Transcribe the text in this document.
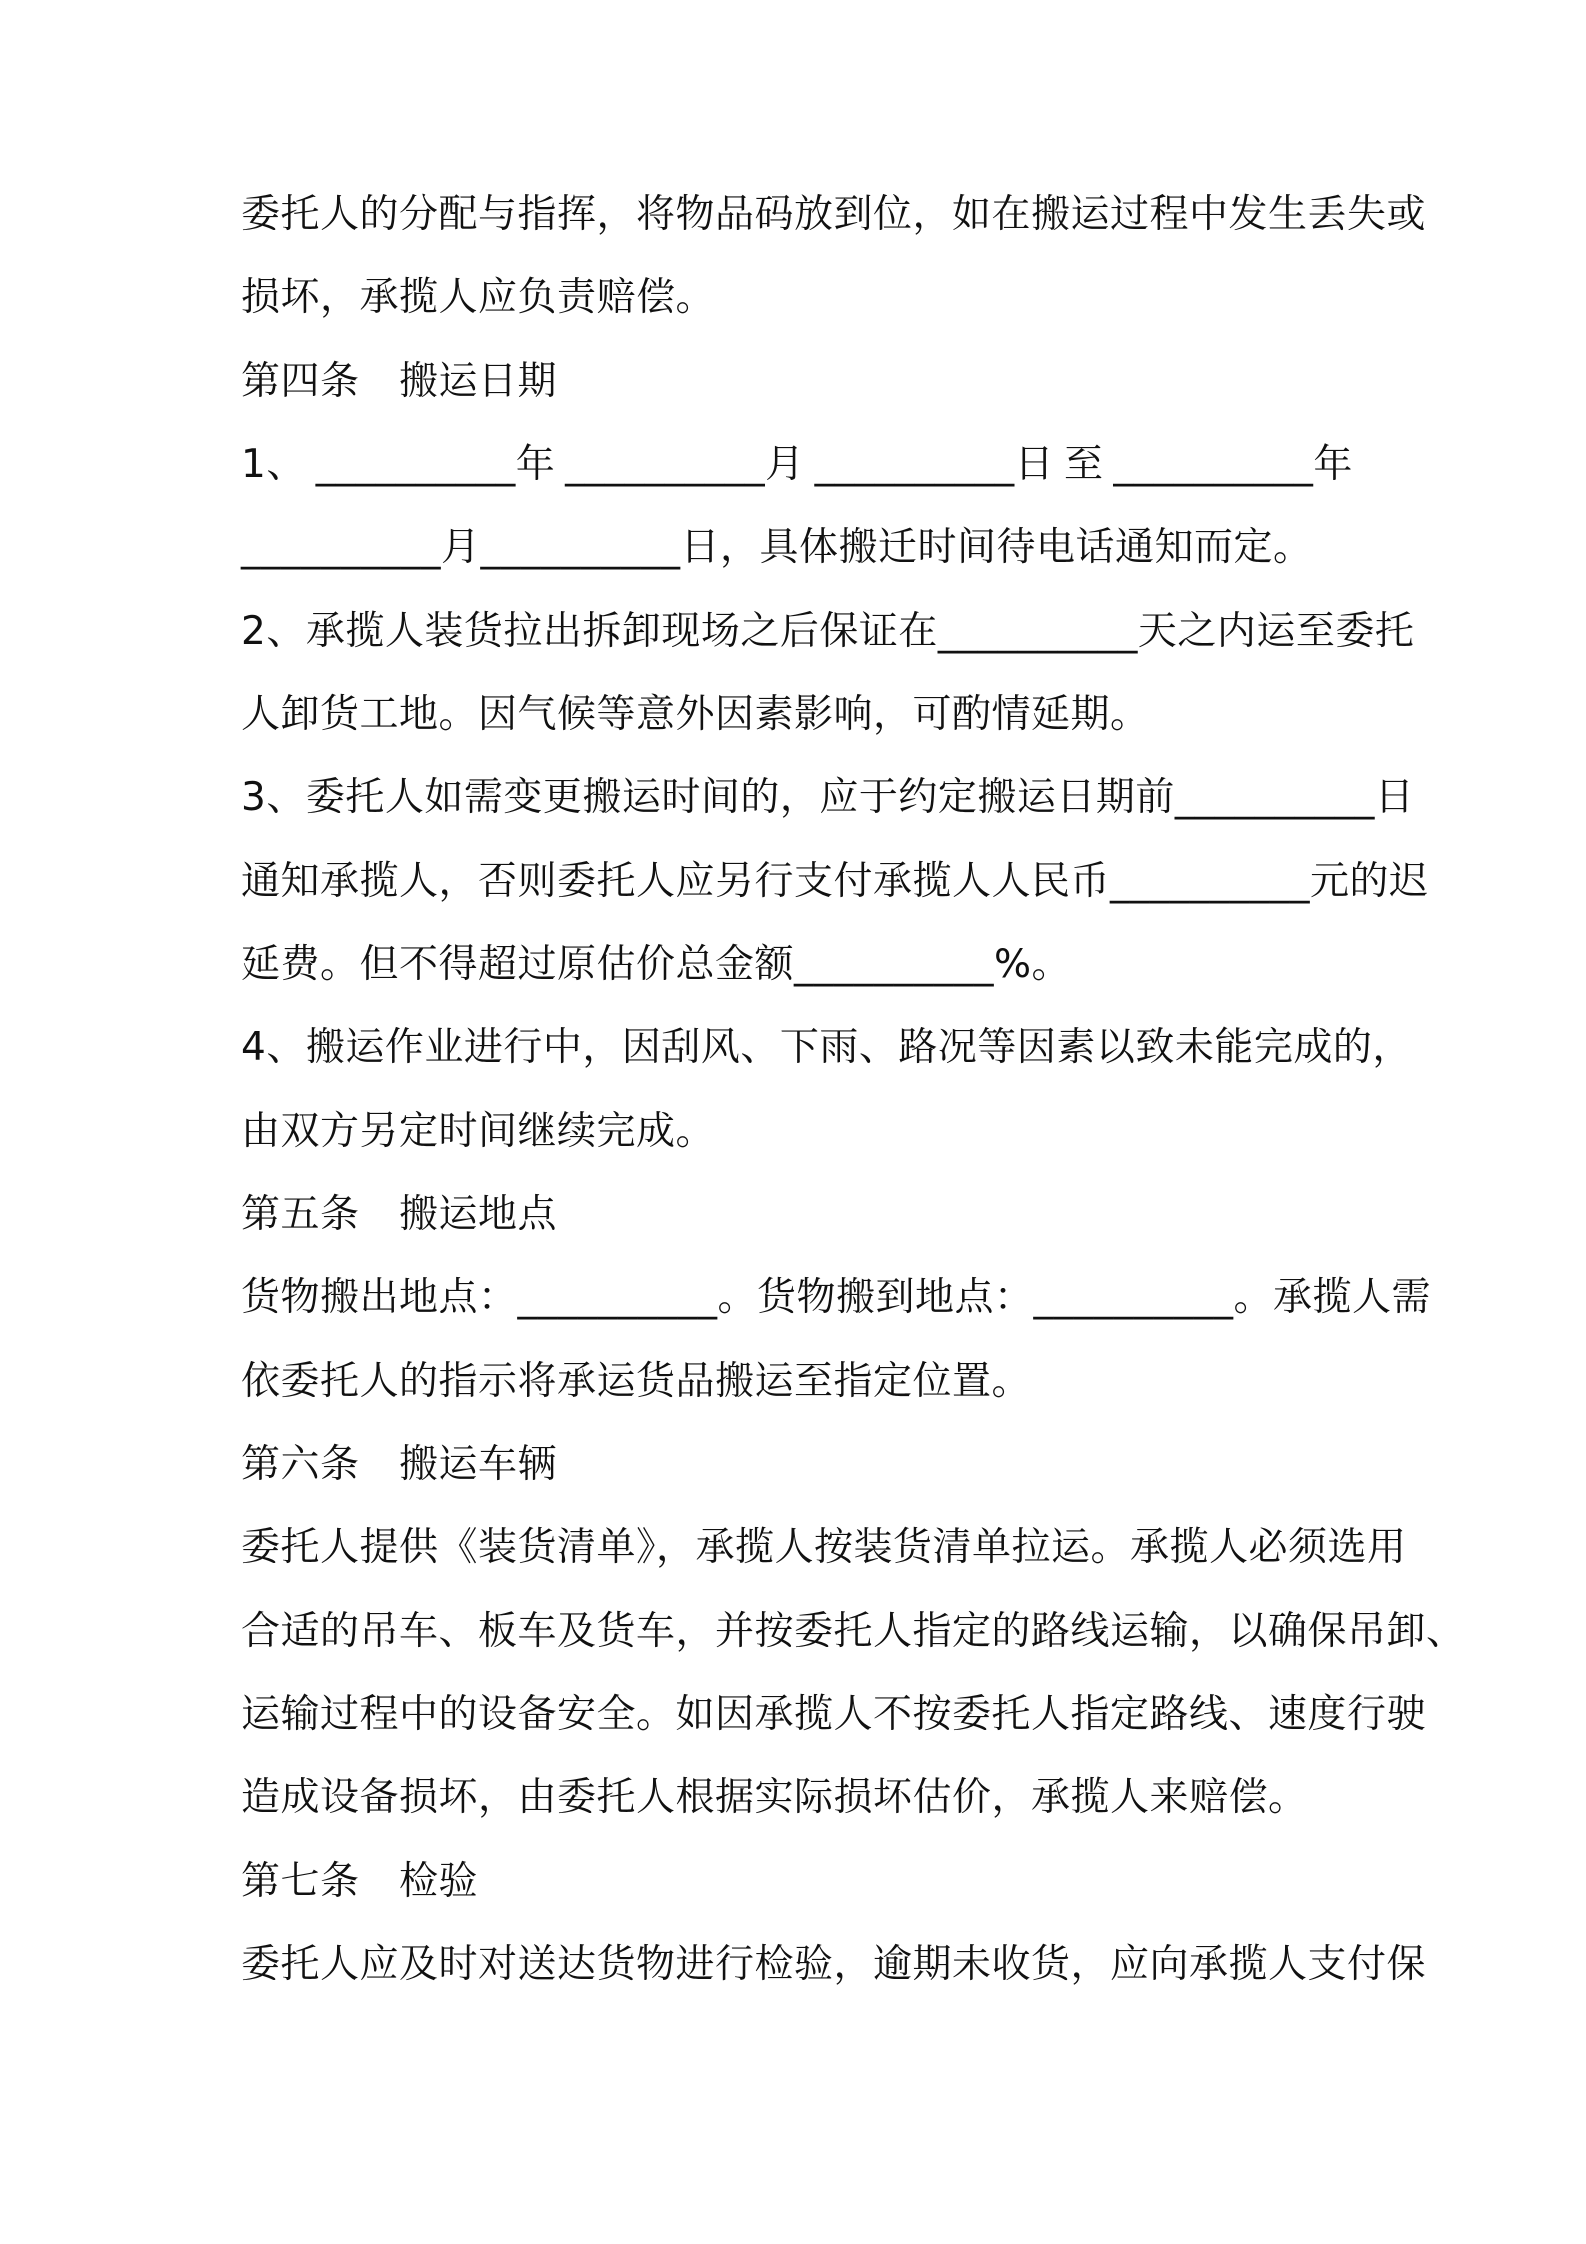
委托人的分配与指挥，将物品码放到位，如在搬运过程中发生丢失或
损坏，承揽人应负责赔偿。
第四条　搬运日期
1、 __________年 __________月 __________日 至 __________年
__________月__________日，具体搬迁时间待电话通知而定。
2、承揽人装货拉出拆卸现场之后保证在__________天之内运至委托
人卸货工地。因气候等意外因素影响，可酌情延期。
3、委托人如需变更搬运时间的，应于约定搬运日期前__________日
通知承揽人，否则委托人应另行支付承揽人人民币__________元的迟
延费。但不得超过原估价总金额__________%。
4、搬运作业进行中，因刮风、下雨、路况等因素以致未能完成的，
由双方另定时间继续完成。
第五条　搬运地点
货物搬出地点：__________。货物搬到地点：__________。承揽人需
依委托人的指示将承运货品搬运至指定位置。
第六条　搬运车辆
委托人提供《装货清单》，承揽人按装货清单拉运。承揽人必须选用
合适的吊车、板车及货车，并按委托人指定的路线运输，以确保吊卸、
运输过程中的设备安全。如因承揽人不按委托人指定路线、速度行驶
造成设备损坏，由委托人根据实际损坏估价，承揽人来赔偿。
第七条　检验
委托人应及时对送达货物进行检验，逾期未收货，应向承揽人支付保
